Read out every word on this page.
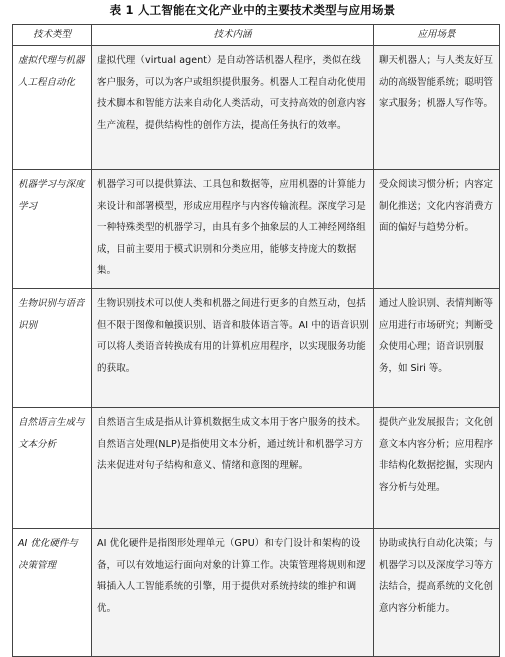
表 1 人工智能在文化产业中的主要技术类型与应用场景
技术类型	技术内涵	应用场景
虚拟代理与机器人工程自动化	虚拟代理（virtual agent）是自动答话机器人程序，类似在线客户服务，可以为客户或组织提供服务。机器人工程自动化使用技术脚本和智能方法来自动化人类活动，可支持高效的创意内容生产流程，提供结构性的创作方法，提高任务执行的效率。	聊天机器人；与人类友好互动的高级智能系统；聪明管家式服务；机器人写作等。
机器学习与深度学习	机器学习可以提供算法、工具包和数据等，应用机器的计算能力来设计和部署模型，形成应用程序与内容传输流程。深度学习是一种特殊类型的机器学习，由具有多个抽象层的人工神经网络组成，目前主要用于模式识别和分类应用，能够支持庞大的数据集。	受众阅读习惯分析；内容定制化推送；文化内容消费方面的偏好与趋势分析。
生物识别与语音识别	生物识别技术可以使人类和机器之间进行更多的自然互动，包括但不限于图像和触摸识别、语音和肢体语言等。AI 中的语音识别可以将人类语音转换成有用的计算机应用程序，以实现服务功能的获取。	通过人脸识别、表情判断等应用进行市场研究；判断受众使用心理；语音识别服务，如 Siri 等。
自然语言生成与文本分析	自然语言生成是指从计算机数据生成文本用于客户服务的技术。自然语言处理(NLP)是指使用文本分析，通过统计和机器学习方法来促进对句子结构和意义、情绪和意图的理解。	提供产业发展报告；文化创意文本内容分析；应用程序非结构化数据挖掘，实现内容分析与处理。
AI 优化硬件与决策管理	AI 优化硬件是指图形处理单元（GPU）和专门设计和架构的设备，可以有效地运行面向对象的计算工作。决策管理将规则和逻辑插入人工智能系统的引擎，用于提供对系统持续的维护和调优。	协助或执行自动化决策；与机器学习以及深度学习等方法结合，提高系统的文化创意内容分析能力。
